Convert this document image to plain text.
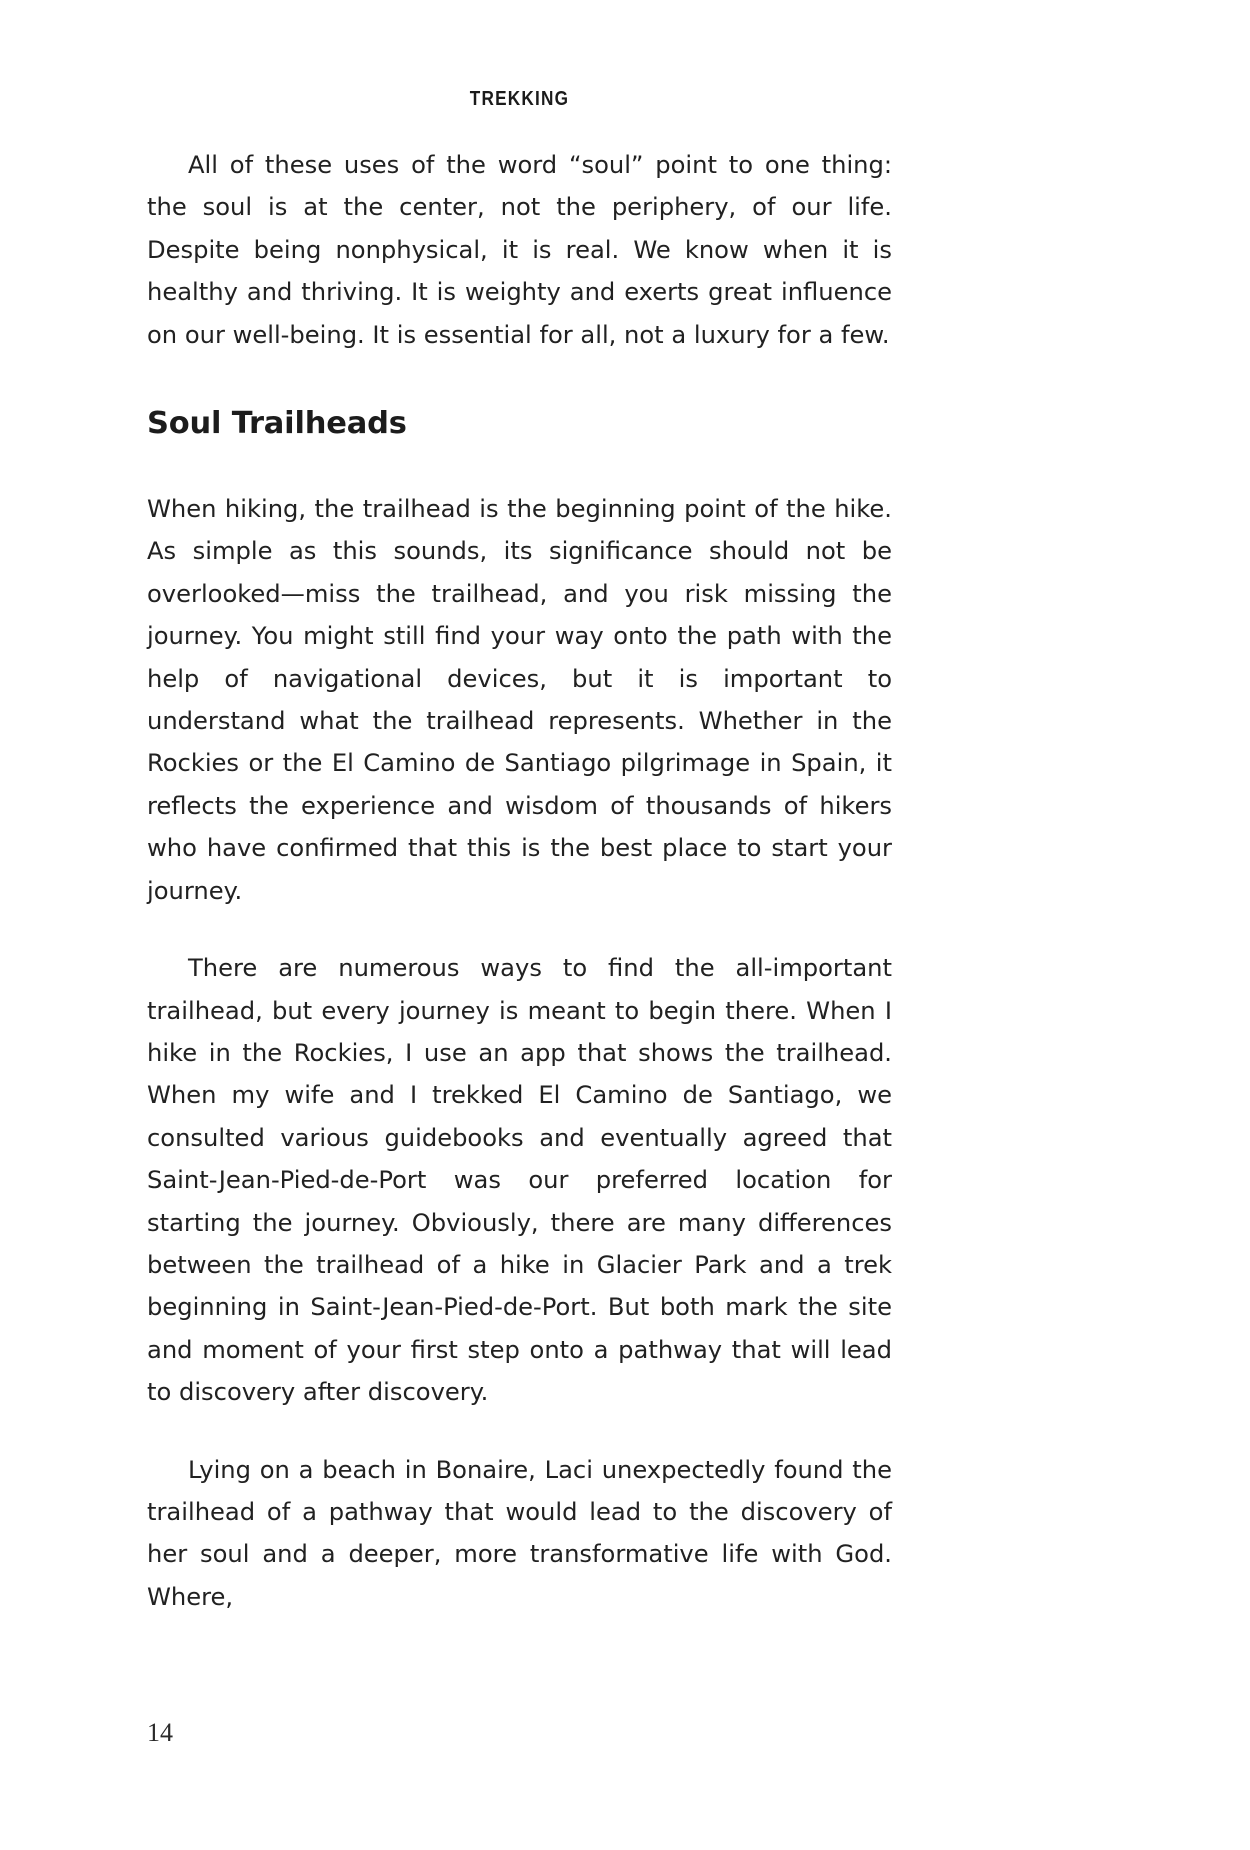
TREKKING

All of these uses of the word “soul” point to one thing: the soul is at the center, not the periphery, of our life. Despite being nonphysical, it is real. We know when it is healthy and thriving. It is weighty and exerts great influence on our well-being. It is essential for all, not a luxury for a few.

Soul Trailheads

When hiking, the trailhead is the beginning point of the hike. As simple as this sounds, its significance should not be overlooked—miss the trailhead, and you risk missing the journey. You might still find your way onto the path with the help of navigational devices, but it is important to understand what the trailhead represents. Whether in the Rockies or the El Camino de Santiago pilgrimage in Spain, it reflects the experience and wisdom of thousands of hikers who have confirmed that this is the best place to start your journey.

There are numerous ways to find the all-important trailhead, but every journey is meant to begin there. When I hike in the Rockies, I use an app that shows the trailhead. When my wife and I trekked El Camino de Santiago, we consulted various guidebooks and eventually agreed that Saint-Jean-Pied-de-Port was our preferred location for starting the journey. Obviously, there are many differences between the trailhead of a hike in Glacier Park and a trek beginning in Saint-Jean-Pied-de-Port. But both mark the site and moment of your first step onto a pathway that will lead to discovery after discovery.

Lying on a beach in Bonaire, Laci unexpectedly found the trailhead of a pathway that would lead to the discovery of her soul and a deeper, more transformative life with God. Where,

14
